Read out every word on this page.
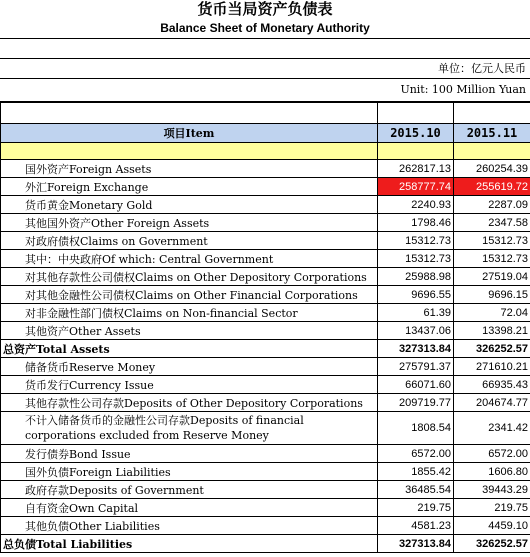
货币当局资产负债表
Balance Sheet of Monetary Authority
单位：亿元人民币
Unit: 100 Million Yuan

项目Item	2015.10	2015.11

国外资产Foreign Assets	262817.13	260254.39
外汇Foreign Exchange	258777.74	255619.72
货币黄金Monetary Gold	2240.93	2287.09
其他国外资产Other Foreign Assets	1798.46	2347.58
对政府债权Claims on Government	15312.73	15312.73
其中：中央政府Of which: Central Government	15312.73	15312.73
对其他存款性公司债权Claims on Other Depository Corporations	25988.98	27519.04
对其他金融性公司债权Claims on Other Financial Corporations	9696.55	9696.15
对非金融性部门债权Claims on Non-financial Sector	61.39	72.04
其他资产Other Assets	13437.06	13398.21
总资产Total Assets	327313.84	326252.57
储备货币Reserve Money	275791.37	271610.21
货币发行Currency Issue	66071.60	66935.43
其他存款性公司存款Deposits of Other Depository Corporations	209719.77	204674.77
不计入储备货币的金融性公司存款Deposits of financial corporations excluded from Reserve Money	1808.54	2341.42
发行债券Bond Issue	6572.00	6572.00
国外负债Foreign Liabilities	1855.42	1606.80
政府存款Deposits of Government	36485.54	39443.29
自有资金Own Capital	219.75	219.75
其他负债Other Liabilities	4581.23	4459.10
总负债Total Liabilities	327313.84	326252.57
